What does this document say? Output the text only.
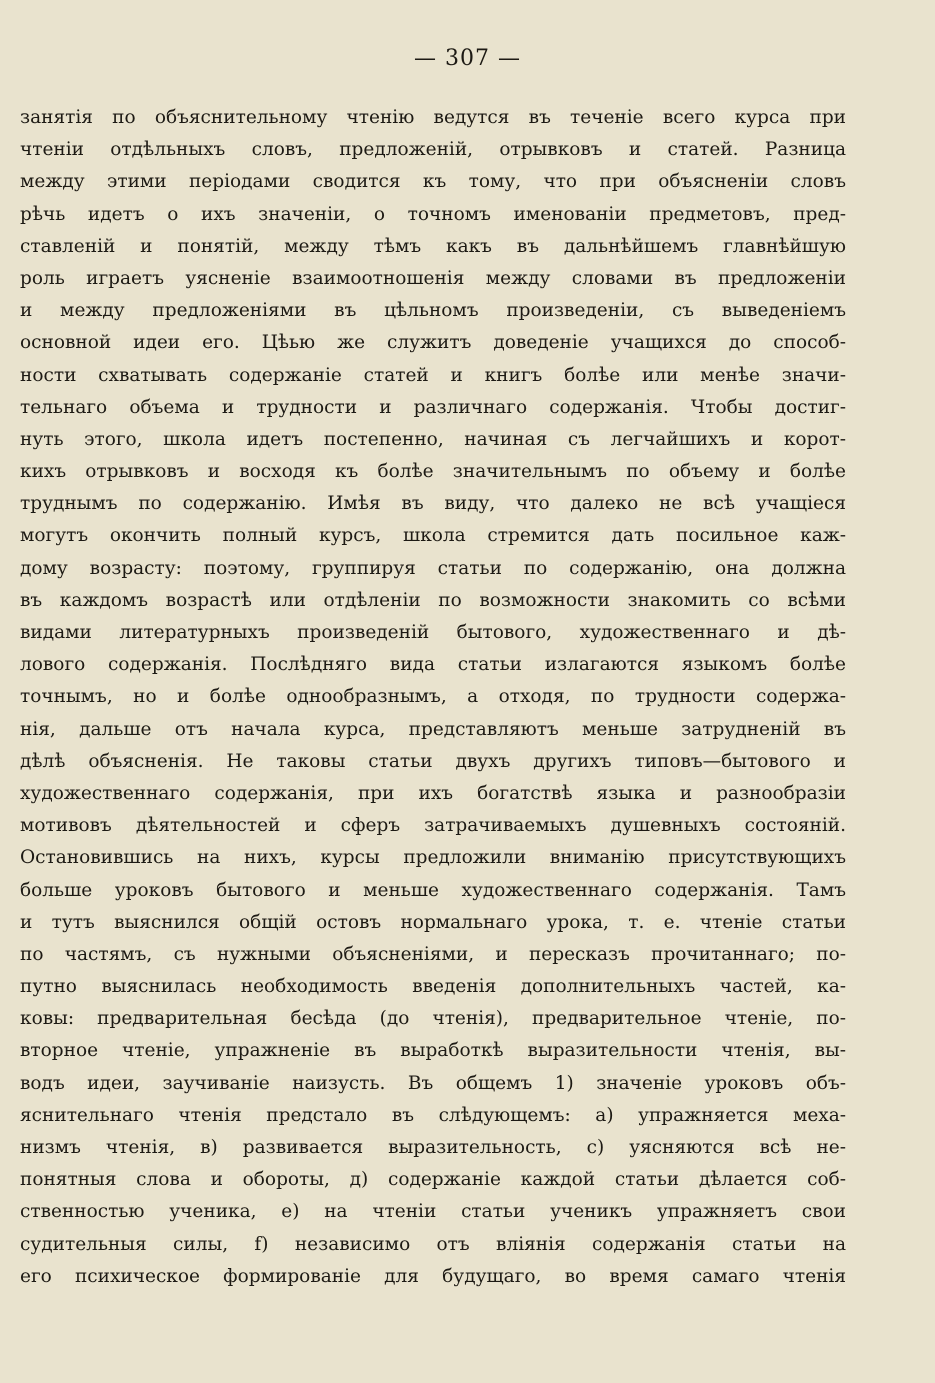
— 307 —
занятія по объяснительному чтенію ведутся въ теченіе всего курса при
чтеніи отдѣльныхъ словъ, предложеній, отрывковъ и статей. Разница
между этими періодами сводится къ тому, что при объясненіи словъ
рѣчь идетъ о ихъ значеніи, о точномъ именованіи предметовъ, пред-
ставленій и понятій, между тѣмъ какъ въ дальнѣйшемъ главнѣйшую
роль играетъ уясненіе взаимоотношенія между словами въ предложеніи
и между предложеніями въ цѣльномъ произведеніи, съ выведеніемъ
основной идеи его. Цѣью же служитъ доведеніе учащихся до способ-
ности схватывать содержаніе статей и книгъ болѣе или менѣе значи-
тельнаго объема и трудности и различнаго содержанія. Чтобы достиг-
нуть этого, школа идетъ постепенно, начиная съ легчайшихъ и корот-
кихъ отрывковъ и восходя къ болѣе значительнымъ по объему и болѣе
труднымъ по содержанію. Имѣя въ виду, что далеко не всѣ учащіеся
могутъ окончить полный курсъ, школа стремится дать посильное каж-
дому возрасту: поэтому, группируя статьи по содержанію, она должна
въ каждомъ возрастѣ или отдѣленіи по возможности знакомить со всѣми
видами литературныхъ произведеній бытового, художественнаго и дѣ-
лового содержанія. Послѣдняго вида статьи излагаются языкомъ болѣе
точнымъ, но и болѣе однообразнымъ, а отходя, по трудности содержа-
нія, дальше отъ начала курса, представляютъ меньше затрудненій въ
дѣлѣ объясненія. Не таковы статьи двухъ другихъ типовъ—бытового и
художественнаго содержанія, при ихъ богатствѣ языка и разнообразіи
мотивовъ дѣятельностей и сферъ затрачиваемыхъ душевныхъ состояній.
Остановившись на нихъ, курсы предложили вниманію присутствующихъ
больше уроковъ бытового и меньше художественнаго содержанія. Тамъ
и тутъ выяснился общій остовъ нормальнаго урока, т. е. чтеніе статьи
по частямъ, съ нужными объясненіями, и пересказъ прочитаннаго; по-
путно выяснилась необходимость введенія дополнительныхъ частей, ка-
ковы: предварительная бесѣда (до чтенія), предварительное чтеніе, по-
вторное чтеніе, упражненіе въ выработкѣ выразительности чтенія, вы-
водъ идеи, заучиваніе наизусть. Въ общемъ 1) значеніе уроковъ объ-
яснительнаго чтенія предстало въ слѣдующемъ: а) упражняется меха-
низмъ чтенія, в) развивается выразительность, с) уясняются всѣ не-
понятныя слова и обороты, д) содержаніе каждой статьи дѣлается соб-
ственностью ученика, е) на чтеніи статьи ученикъ упражняетъ свои
судительныя силы, f) независимо отъ вліянія содержанія статьи на
его психическое формированіе для будущаго, во время самаго чтенія
